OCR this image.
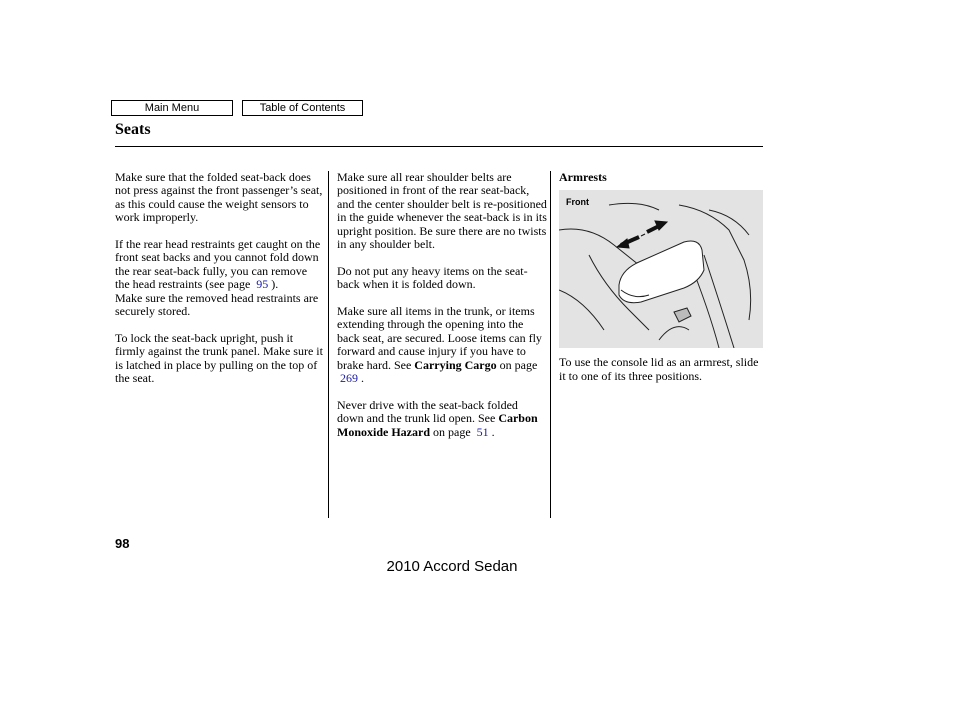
Main Menu	Table of Contents
Seats

Make sure that the folded seat-back does not press against the front passenger’s seat, as this could cause the weight sensors to work improperly.

If the rear head restraints get caught on the front seat backs and you cannot fold down the rear seat-back fully, you can remove the head restraints (see page 95 ).

Make sure the removed head restraints are securely stored.

To lock the seat-back upright, push it firmly against the trunk panel. Make sure it is latched in place by pulling on the top of the seat.

Make sure all rear shoulder belts are positioned in front of the rear seat-back, and the center shoulder belt is re-positioned in the guide whenever the seat-back is in its upright position. Be sure there are no twists in any shoulder belt.

Do not put any heavy items on the seat-back when it is folded down.

Make sure all items in the trunk, or items extending through the opening into the back seat, are secured. Loose items can fly forward and cause injury if you have to brake hard. See Carrying Cargo on page
269 .

Never drive with the seat-back folded down and the trunk lid open. See Carbon Monoxide Hazard on page 51 .

Armrests
Front

To use the console lid as an armrest, slide it to one of its three positions.

98
2010 Accord Sedan
